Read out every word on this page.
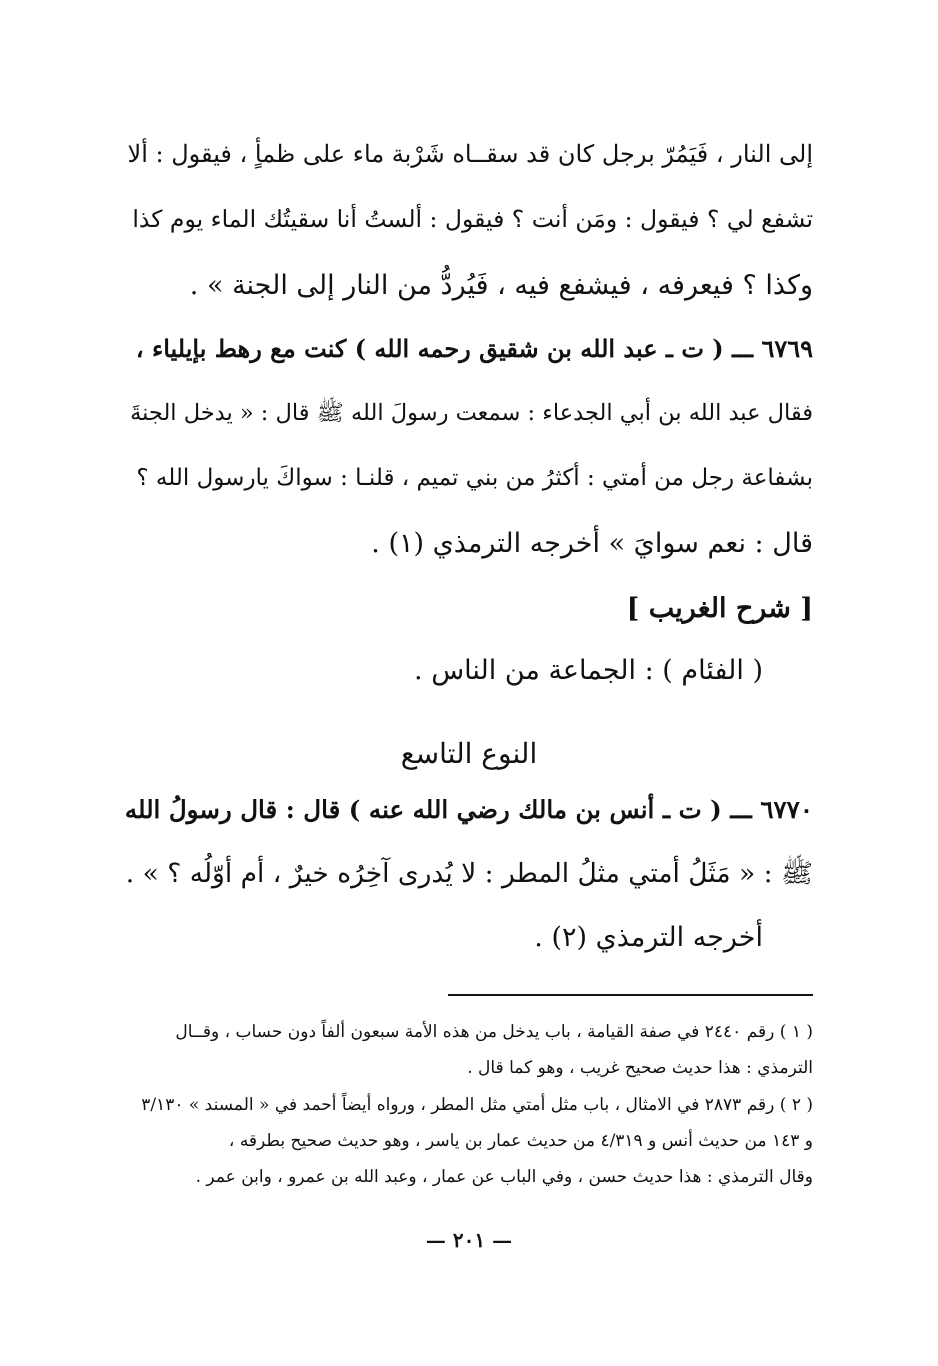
إلى النار ، فَيَمُرّ برجل كان قد سقــاه شَرْبة ماء على ظمأٍ ، فيقول : ألا
تشفع لي ؟ فيقول : ومَن أنت ؟ فيقول : ألستُ أنا سقيتُك الماء يوم كذا
وكذا ؟ فيعرفه ، فيشفع فيه ، فَيُردُّ من النار إلى الجنة » .
٦٧٦٩ ـــ ( ت ـ عبد الله بن شقيق رحمه الله ) كنت مع رهط بإيلياء ،
فقال عبد الله بن أبي الجدعاء : سمعت رسولَ الله ﷺ قال : « يدخل الجنةَ
بشفاعة رجل من أمتي : أكثرُ من بني تميم ، قلنـا : سواكَ يارسول الله ؟
قال : نعم سوايَ » أخرجه الترمذي (١) .
[ شرح الغريب ]
( الفئام ) : الجماعة من الناس .
النوع التاسع
٦٧٧٠ ـــ ( ت ـ أنس بن مالك رضي الله عنه ) قال : قال رسولُ الله
ﷺ : « مَثَلُ أمتي مثلُ المطر : لا يُدرى آخِرُه خيرٌ ، أم أوّلُه ؟ » .
أخرجه الترمذي (٢) .
( ١ ) رقم ٢٤٤٠ في صفة القيامة ، باب يدخل من هذه الأمة سبعون ألفاً دون حساب ، وقــال
الترمذي : هذا حديث صحيح غريب ، وهو كما قال .
( ٢ ) رقم ٢٨٧٣ في الامثال ، باب مثل أمتي مثل المطر ، ورواه أيضاً أحمد في « المسند » ٣/١٣٠
و ١٤٣ من حديث أنس و ٤/٣١٩ من حديث عمار بن ياسر ، وهو حديث صحيح بطرقه ،
وقال الترمذي : هذا حديث حسن ، وفي الباب عن عمار ، وعبد الله بن عمرو ، وابن عمر .
— ٢٠١ —
